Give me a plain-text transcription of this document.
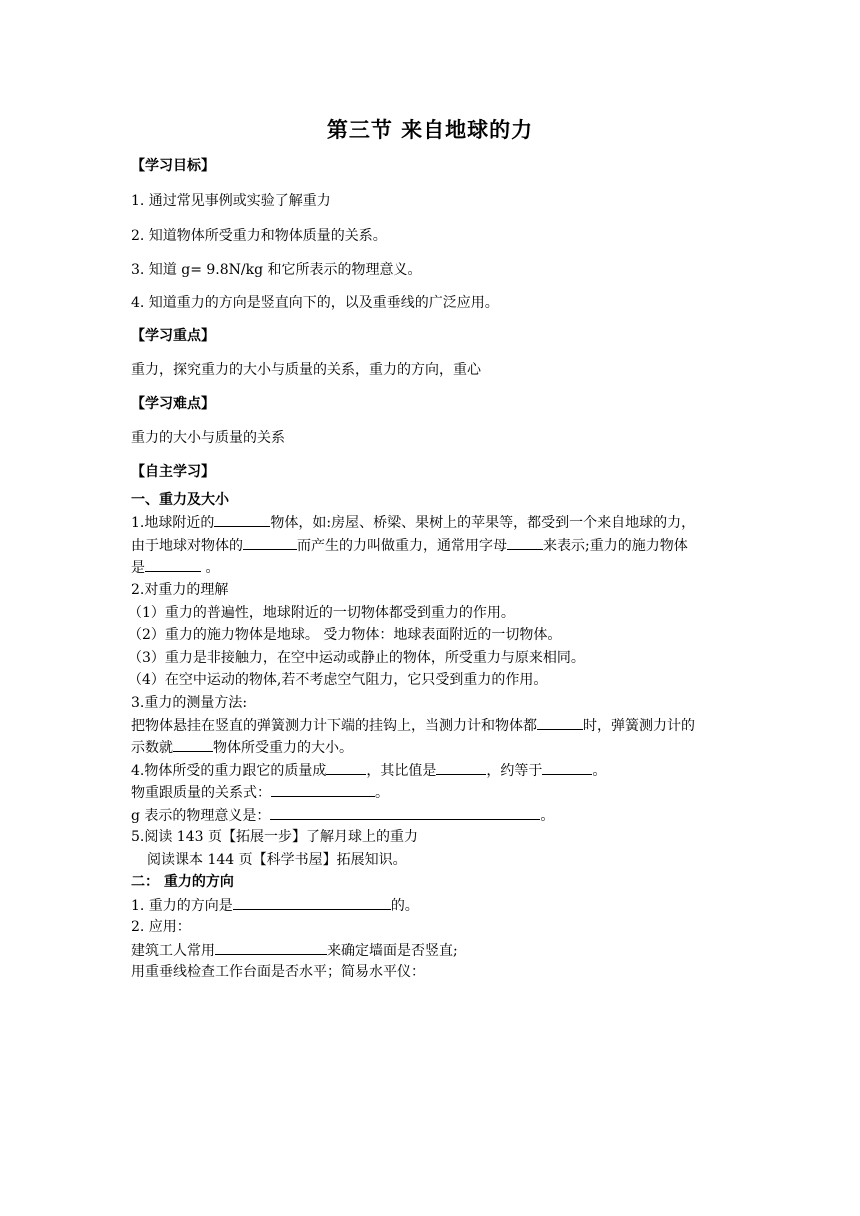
第三节 来自地球的力
【学习目标】
1. 通过常见事例或实验了解重力
2. 知道物体所受重力和物体质量的关系。
3. 知道 g= 9.8N/kg 和它所表示的物理意义。
4. 知道重力的方向是竖直向下的，以及重垂线的广泛应用。
【学习重点】
重力，探究重力的大小与质量的关系，重力的方向，重心
【学习难点】
重力的大小与质量的关系
【自主学习】
一、重力及大小
1.地球附近的	物体，如:房屋、桥梁、果树上的苹果等，都受到一个来自地球的力，
由于地球对物体的	而产生的力叫做重力，通常用字母	来表示;重力的施力物体
是	。
2.对重力的理解
（1）重力的普遍性，地球附近的一切物体都受到重力的作用。
（2）重力的施力物体是地球。 受力物体：地球表面附近的一切物体。
（3）重力是非接触力，在空中运动或静止的物体，所受重力与原来相同。
（4）在空中运动的物体,若不考虑空气阻力，它只受到重力的作用。
3.重力的测量方法:
把物体悬挂在竖直的弹簧测力计下端的挂钩上，当测力计和物体都	时，弹簧测力计的
示数就	物体所受重力的大小。
4.物体所受的重力跟它的质量成	，其比值是	，约等于	。
物重跟质量的关系式：	。
g 表示的物理意义是：	。
5.阅读 143 页【拓展一步】了解月球上的重力
阅读课本 144 页【科学书屋】拓展知识。
二： 重力的方向
1. 重力的方向是	的。
2. 应用：
建筑工人常用	来确定墙面是否竖直;
用重垂线检查工作台面是否水平；简易水平仪：
